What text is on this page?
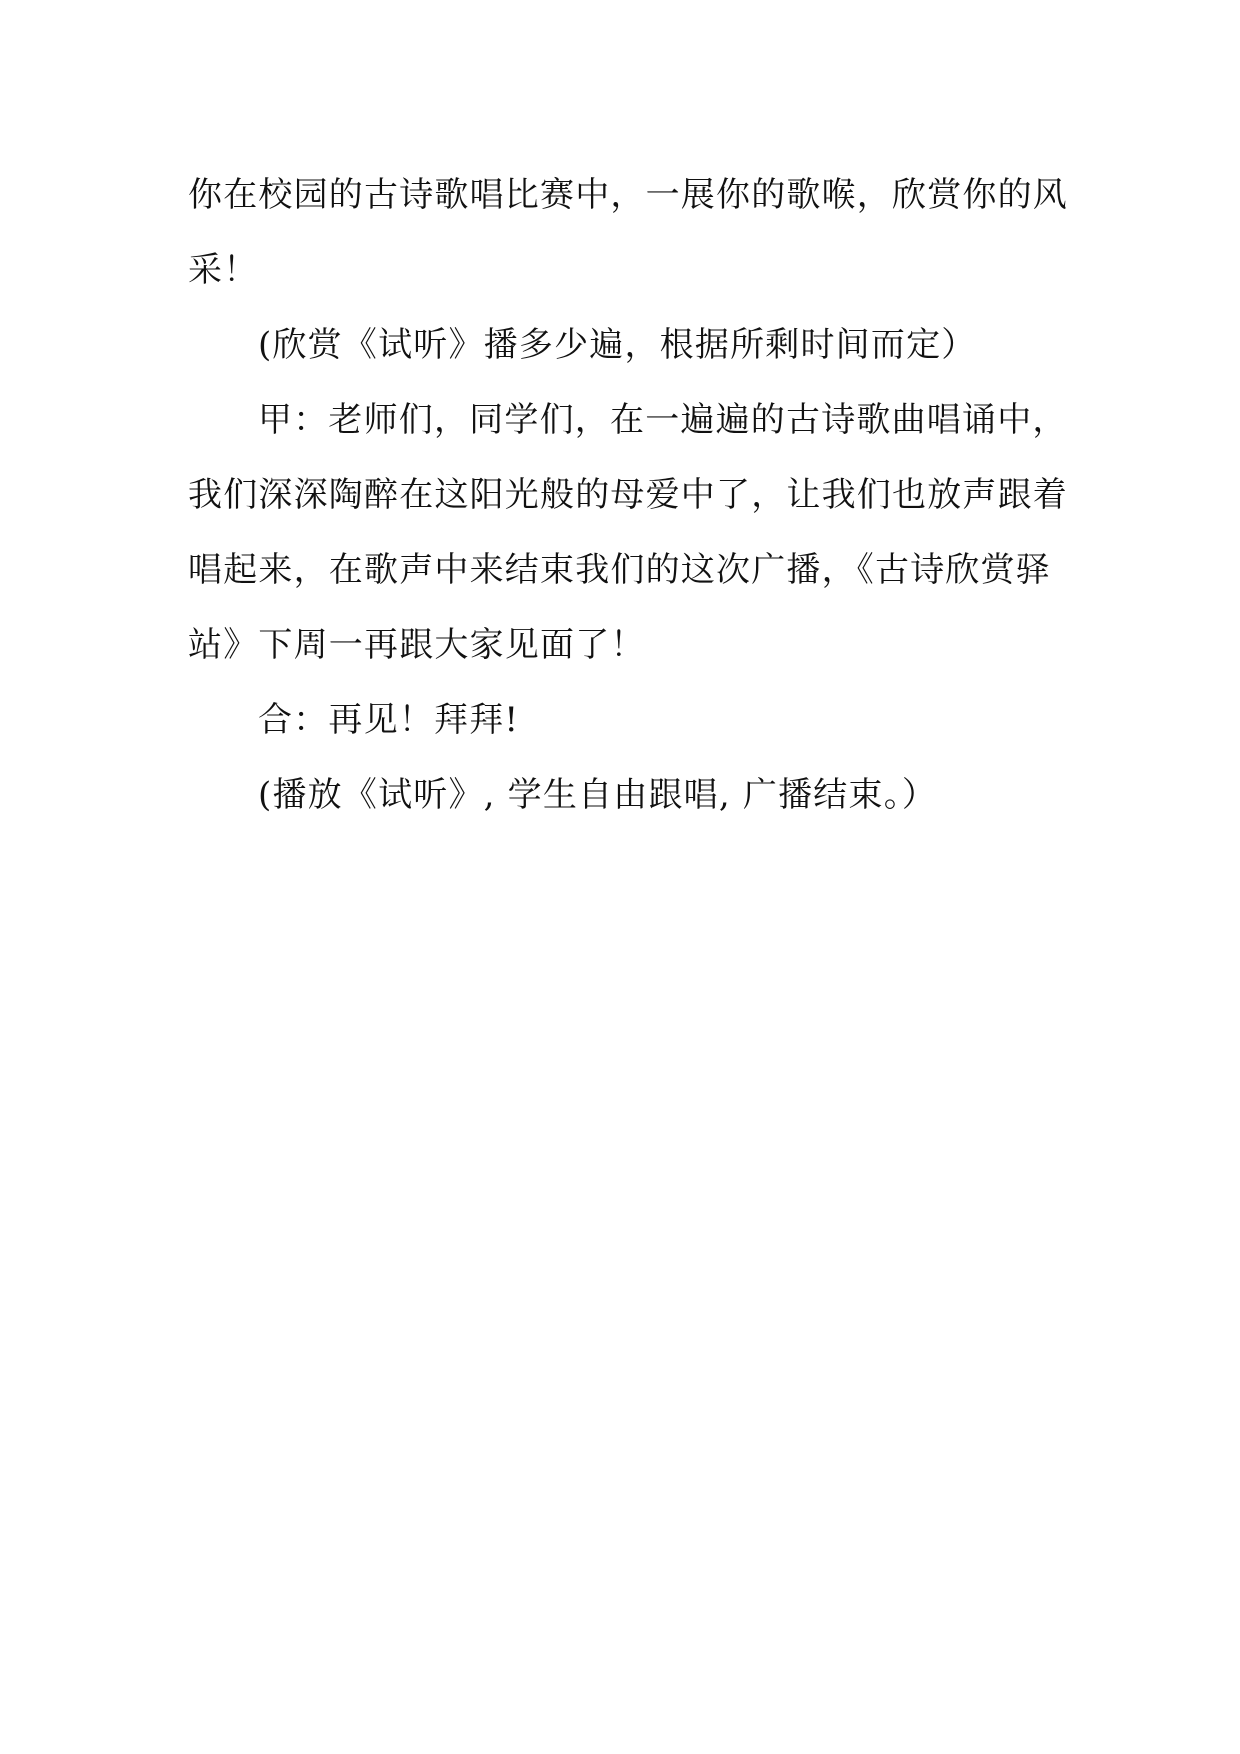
你在校园的古诗歌唱比赛中，一展你的歌喉，欣赏你的风
采！
(欣赏《试听》播多少遍，根据所剩时间而定）
甲：老师们，同学们，在一遍遍的古诗歌曲唱诵中，
我们深深陶醉在这阳光般的母爱中了，让我们也放声跟着
唱起来，在歌声中来结束我们的这次广播，《古诗欣赏驿
站》下周一再跟大家见面了！
合：再见！拜拜!
(播放《试听》, 学生自由跟唱, 广播结束。）
